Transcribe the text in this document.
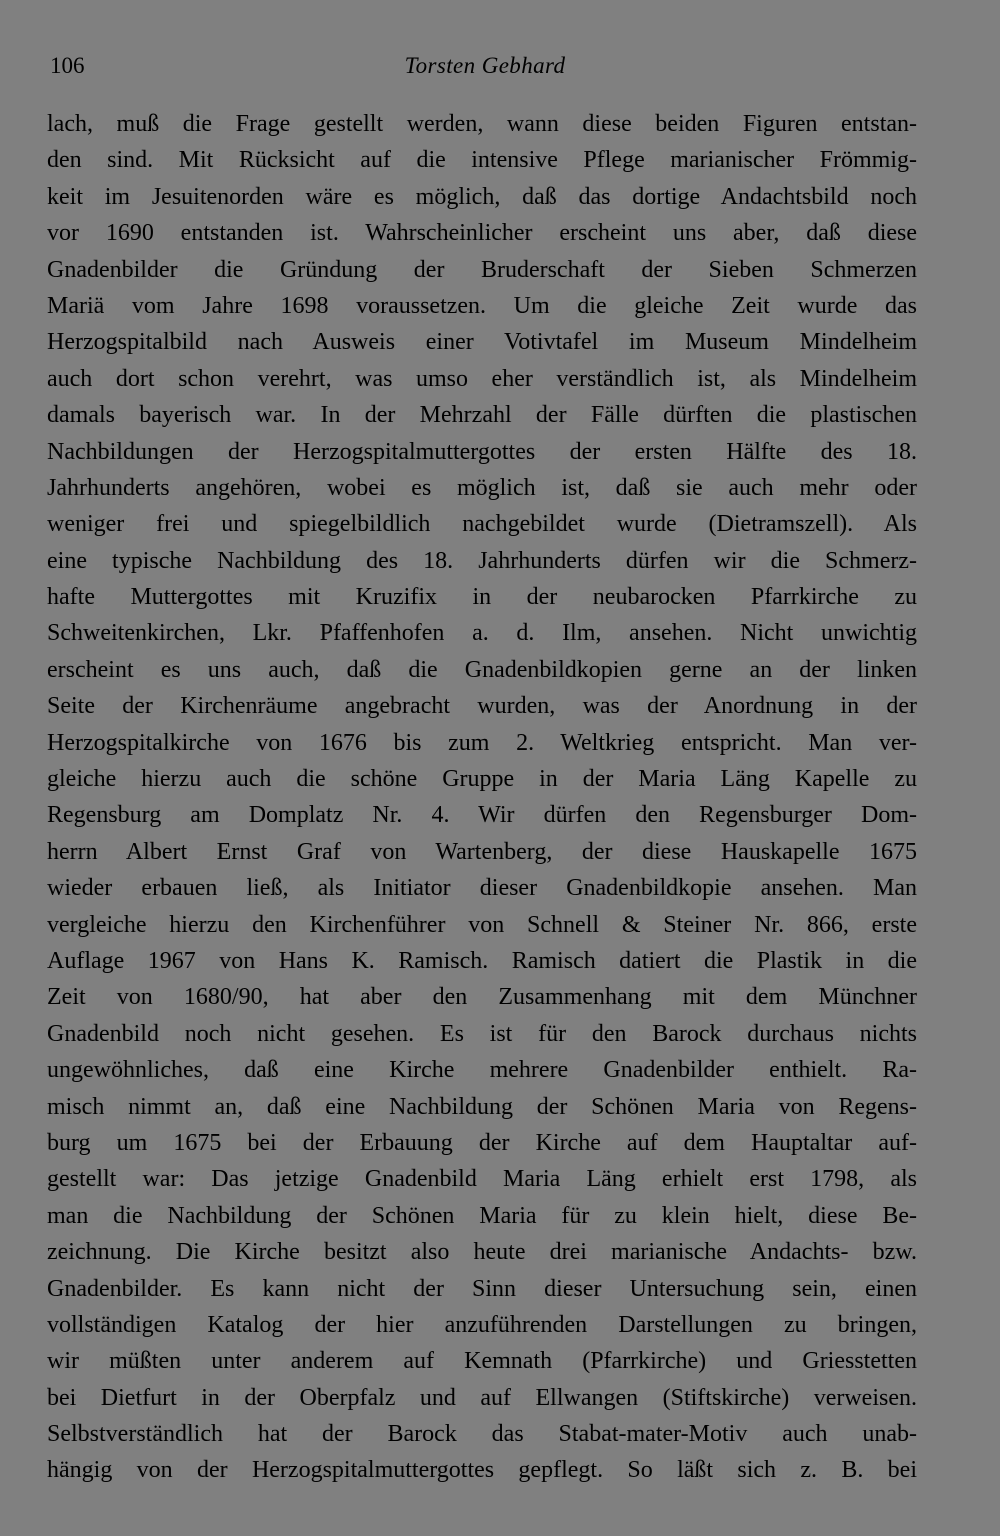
106	Torsten Gebhard
lach, muß die Frage gestellt werden, wann diese beiden Figuren entstan-
den sind. Mit Rücksicht auf die intensive Pflege marianischer Frömmig-
keit im Jesuitenorden wäre es möglich, daß das dortige Andachtsbild noch
vor 1690 entstanden ist. Wahrscheinlicher erscheint uns aber, daß diese
Gnadenbilder die Gründung der Bruderschaft der Sieben Schmerzen
Mariä vom Jahre 1698 voraussetzen. Um die gleiche Zeit wurde das
Herzogspitalbild nach Ausweis einer Votivtafel im Museum Mindelheim
auch dort schon verehrt, was umso eher verständlich ist, als Mindelheim
damals bayerisch war. In der Mehrzahl der Fälle dürften die plastischen
Nachbildungen der Herzogspitalmuttergottes der ersten Hälfte des 18.
Jahrhunderts angehören, wobei es möglich ist, daß sie auch mehr oder
weniger frei und spiegelbildlich nachgebildet wurde (Dietramszell). Als
eine typische Nachbildung des 18. Jahrhunderts dürfen wir die Schmerz-
hafte Muttergottes mit Kruzifix in der neubarocken Pfarrkirche zu
Schweitenkirchen, Lkr. Pfaffenhofen a. d. Ilm, ansehen. Nicht unwichtig
erscheint es uns auch, daß die Gnadenbildkopien gerne an der linken
Seite der Kirchenräume angebracht wurden, was der Anordnung in der
Herzogspitalkirche von 1676 bis zum 2. Weltkrieg entspricht. Man ver-
gleiche hierzu auch die schöne Gruppe in der Maria Läng Kapelle zu
Regensburg am Domplatz Nr. 4. Wir dürfen den Regensburger Dom-
herrn Albert Ernst Graf von Wartenberg, der diese Hauskapelle 1675
wieder erbauen ließ, als Initiator dieser Gnadenbildkopie ansehen. Man
vergleiche hierzu den Kirchenführer von Schnell & Steiner Nr. 866, erste
Auflage 1967 von Hans K. Ramisch. Ramisch datiert die Plastik in die
Zeit von 1680/90, hat aber den Zusammenhang mit dem Münchner
Gnadenbild noch nicht gesehen. Es ist für den Barock durchaus nichts
ungewöhnliches, daß eine Kirche mehrere Gnadenbilder enthielt. Ra-
misch nimmt an, daß eine Nachbildung der Schönen Maria von Regens-
burg um 1675 bei der Erbauung der Kirche auf dem Hauptaltar auf-
gestellt war: Das jetzige Gnadenbild Maria Läng erhielt erst 1798, als
man die Nachbildung der Schönen Maria für zu klein hielt, diese Be-
zeichnung. Die Kirche besitzt also heute drei marianische Andachts- bzw.
Gnadenbilder. Es kann nicht der Sinn dieser Untersuchung sein, einen
vollständigen Katalog der hier anzuführenden Darstellungen zu bringen,
wir müßten unter anderem auf Kemnath (Pfarrkirche) und Griesstetten
bei Dietfurt in der Oberpfalz und auf Ellwangen (Stiftskirche) verweisen.
Selbstverständlich hat der Barock das Stabat-mater-Motiv auch unab-
hängig von der Herzogspitalmuttergottes gepflegt. So läßt sich z. B. bei
